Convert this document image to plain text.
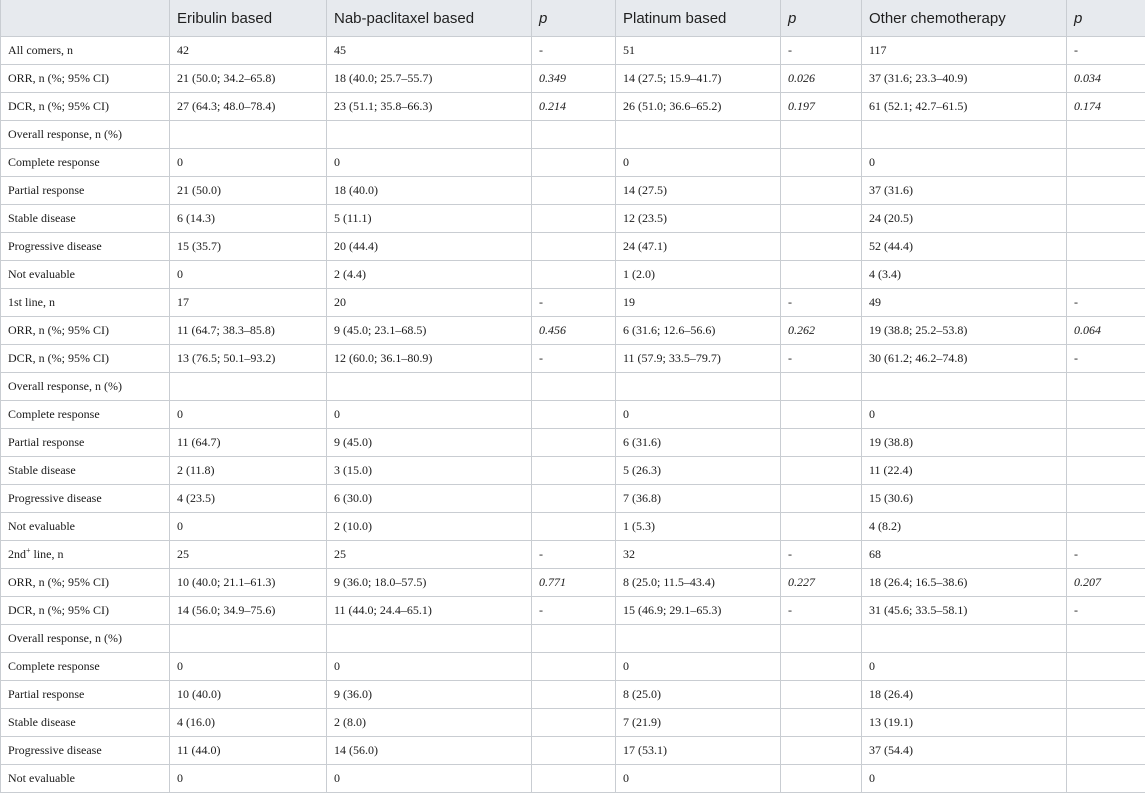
	Eribulin based	Nab-paclitaxel based	p	Platinum based	p	Other chemotherapy	p
All comers, n	42	45	-	51	-	117	-
ORR, n (%; 95% CI)	21 (50.0; 34.2–65.8)	18 (40.0; 25.7–55.7)	0.349	14 (27.5; 15.9–41.7)	0.026	37 (31.6; 23.3–40.9)	0.034
DCR, n (%; 95% CI)	27 (64.3; 48.0–78.4)	23 (51.1; 35.8–66.3)	0.214	26 (51.0; 36.6–65.2)	0.197	61 (52.1; 42.7–61.5)	0.174
Overall response, n (%)							
Complete response	0	0		0		0	
Partial response	21 (50.0)	18 (40.0)		14 (27.5)		37 (31.6)	
Stable disease	6 (14.3)	5 (11.1)		12 (23.5)		24 (20.5)	
Progressive disease	15 (35.7)	20 (44.4)		24 (47.1)		52 (44.4)	
Not evaluable	0	2 (4.4)		1 (2.0)		4 (3.4)	
1st line, n	17	20	-	19	-	49	-
ORR, n (%; 95% CI)	11 (64.7; 38.3–85.8)	9 (45.0; 23.1–68.5)	0.456	6 (31.6; 12.6–56.6)	0.262	19 (38.8; 25.2–53.8)	0.064
DCR, n (%; 95% CI)	13 (76.5; 50.1–93.2)	12 (60.0; 36.1–80.9)	-	11 (57.9; 33.5–79.7)	-	30 (61.2; 46.2–74.8)	-
Overall response, n (%)							
Complete response	0	0		0		0	
Partial response	11 (64.7)	9 (45.0)		6 (31.6)		19 (38.8)	
Stable disease	2 (11.8)	3 (15.0)		5 (26.3)		11 (22.4)	
Progressive disease	4 (23.5)	6 (30.0)		7 (36.8)		15 (30.6)	
Not evaluable	0	2 (10.0)		1 (5.3)		4 (8.2)	
2nd+ line, n	25	25	-	32	-	68	-
ORR, n (%; 95% CI)	10 (40.0; 21.1–61.3)	9 (36.0; 18.0–57.5)	0.771	8 (25.0; 11.5–43.4)	0.227	18 (26.4; 16.5–38.6)	0.207
DCR, n (%; 95% CI)	14 (56.0; 34.9–75.6)	11 (44.0; 24.4–65.1)	-	15 (46.9; 29.1–65.3)	-	31 (45.6; 33.5–58.1)	-
Overall response, n (%)							
Complete response	0	0		0		0	
Partial response	10 (40.0)	9 (36.0)		8 (25.0)		18 (26.4)	
Stable disease	4 (16.0)	2 (8.0)		7 (21.9)		13 (19.1)	
Progressive disease	11 (44.0)	14 (56.0)		17 (53.1)		37 (54.4)	
Not evaluable	0	0		0		0	
